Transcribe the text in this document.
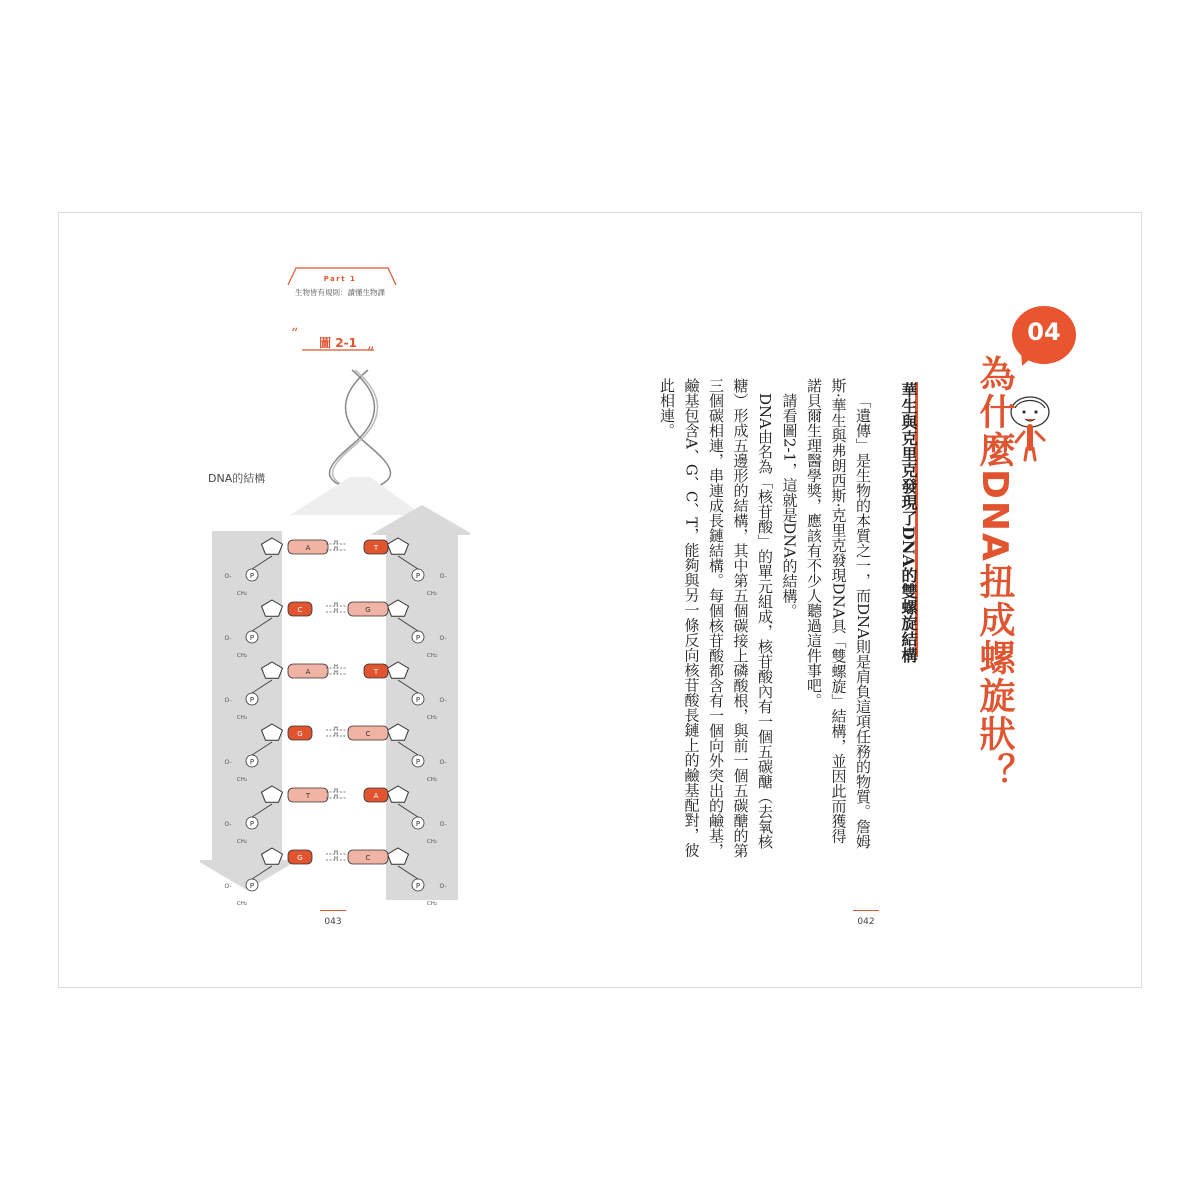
Part 1
生物皆有規則：讀懂生物課
“
圖 2-1
”
DNA的結構
P	P
O-	O-
CH₂	CH₂
A	T
H
H
P	P
O-	O-
CH₂	CH₂
C	G
H
H
P	P
O-	O-
CH₂	CH₂
A	T
H
H
P	P
O-	O-
CH₂	CH₂
G	C
H
H
P	P
O-	O-
CH₂	CH₂
T	A
H
H
P	P
O-	O-
CH₂	CH₂
G	C
H
H
043
04
為什麼DNA扭成螺旋狀？
華生與克里克發現了DNA的雙螺旋結構

「遺傳」是生物的本質之一，而DNA則是肩負這項任務的物質。詹姆斯·華生與弗朗西斯·克里克發現DNA具「雙螺旋」結構，並因此而獲得諾貝爾生理醫學獎，應該有不少人聽過這件事吧。

請看圖2-1，這就是DNA的結構。

DNA由名為「核苷酸」的單元組成，核苷酸內有一個五碳醣（去氧核糖）形成五邊形的結構，其中第五個碳接上磷酸根，與前一個五碳醣的第三個碳相連，串連成長鏈結構。每個核苷酸都含有一個向外突出的鹼基，鹼基包含A、G、C、T，能夠與另一條反向核苷酸長鏈上的鹼基配對，彼此相連。

042
